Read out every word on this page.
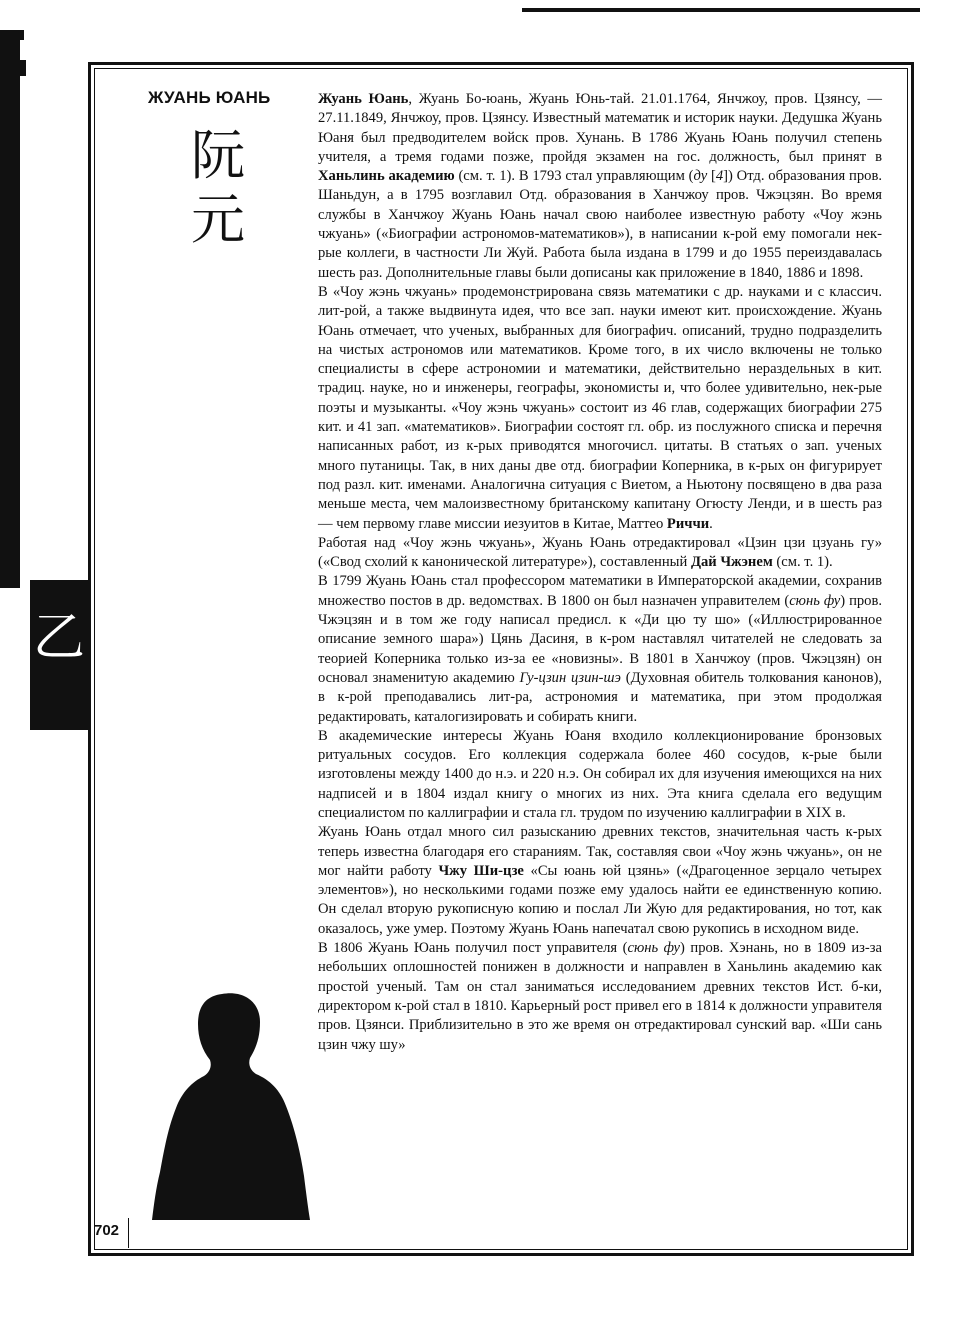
乙
ЖУАНЬ ЮАНЬ
阮
元

Жуань Юань, Жуань Бо-юань, Жуань Юнь-тай. 21.01.1764, Янчжоу, пров. Цзянсу, — 27.11.1849, Янчжоу, пров. Цзянсу. Известный математик и историк науки. Дедушка Жуань Юаня был предводителем войск пров. Хунань. В 1786 Жуань Юань получил степень учителя, а тремя годами позже, пройдя экзамен на гос. должность, был принят в Ханьлинь академию (см. т. 1). В 1793 стал управляющим (ду [4]) Отд. образования пров. Шаньдун, а в 1795 возглавил Отд. образования в Ханчжоу пров. Чжэцзян. Во время службы в Ханчжоу Жуань Юань начал свою наиболее известную работу «Чоу жэнь чжуань» («Биографии астрономов-математиков»), в написании к-рой ему помогали нек-рые коллеги, в частности Ли Жуй. Работа была издана в 1799 и до 1955 переиздавалась шесть раз. Дополнительные главы были дописаны как приложение в 1840, 1886 и 1898.

В «Чоу жэнь чжуань» продемонстрирована связь математики с др. науками и с классич. лит-рой, а также выдвинута идея, что все зап. науки имеют кит. происхождение. Жуань Юань отмечает, что ученых, выбранных для биографич. описаний, трудно подразделить на чистых астрономов или математиков. Кроме того, в их число включены не только специалисты в сфере астрономии и математики, действительно нераздельных в кит. традиц. науке, но и инженеры, географы, экономисты и, что более удивительно, нек-рые поэты и музыканты. «Чоу жэнь чжуань» состоит из 46 глав, содержащих биографии 275 кит. и 41 зап. «математиков». Биографии состоят гл. обр. из послужного списка и перечня написанных работ, из к-рых приводятся многочисл. цитаты. В статьях о зап. ученых много путаницы. Так, в них даны две отд. биографии Коперника, в к-рых он фигурирует под разл. кит. именами. Аналогична ситуация с Виетом, а Ньютону посвящено в два раза меньше места, чем малоизвестному британскому капитану Огюсту Ленди, и в шесть раз — чем первому главе миссии иезуитов в Китае, Маттео Риччи.

Работая над «Чоу жэнь чжуань», Жуань Юань отредактировал «Цзин цзи цзуань гу» («Свод схолий к канонической литературе»), составленный Дай Чжэнем (см. т. 1).

В 1799 Жуань Юань стал профессором математики в Императорской академии, сохранив множество постов в др. ведомствах. В 1800 он был назначен управителем (сюнь фу) пров. Чжэцзян и в том же году написал предисл. к «Ди цю ту шо» («Иллюстрированное описание земного шара») Цянь Дасиня, в к-ром наставлял читателей не следовать за теорией Коперника только из-за ее «новизны». В 1801 в Ханчжоу (пров. Чжэцзян) он основал знаменитую академию Гу-цзин цзин-шэ (Духовная обитель толкования канонов), в к-рой преподавались лит-ра, астрономия и математика, при этом продолжая редактировать, каталогизировать и собирать книги.

В академические интересы Жуань Юаня входило коллекционирование бронзовых ритуальных сосудов. Его коллекция содержала более 460 сосудов, к-рые были изготовлены между 1400 до н.э. и 220 н.э. Он собирал их для изучения имеющихся на них надписей и в 1804 издал книгу о многих из них. Эта книга сделала его ведущим специалистом по каллиграфии и стала гл. трудом по изучению каллиграфии в XIX в.

Жуань Юань отдал много сил разысканию древних текстов, значительная часть к-рых теперь известна благодаря его стараниям. Так, составляя свои «Чоу жэнь чжуань», он не мог найти работу Чжу Ши-цзе «Сы юань юй цзянь» («Драгоценное зерцало четырех элементов»), но несколькими годами позже ему удалось найти ее единственную копию. Он сделал вторую рукописную копию и послал Ли Жую для редактирования, но тот, как оказалось, уже умер. Поэтому Жуань Юань напечатал свою рукопись в исходном виде.

В 1806 Жуань Юань получил пост управителя (сюнь фу) пров. Хэнань, но в 1809 из-за небольших оплошностей понижен в должности и направлен в Ханьлинь академию как простой ученый. Там он стал заниматься исследованием древних текстов Ист. б-ки, директором к-рой стал в 1810. Карьерный рост привел его в 1814 к должности управителя пров. Цзянси. Приблизительно в это же время он отредактировал сунский вар. «Ши сань цзин чжу шу»

702
